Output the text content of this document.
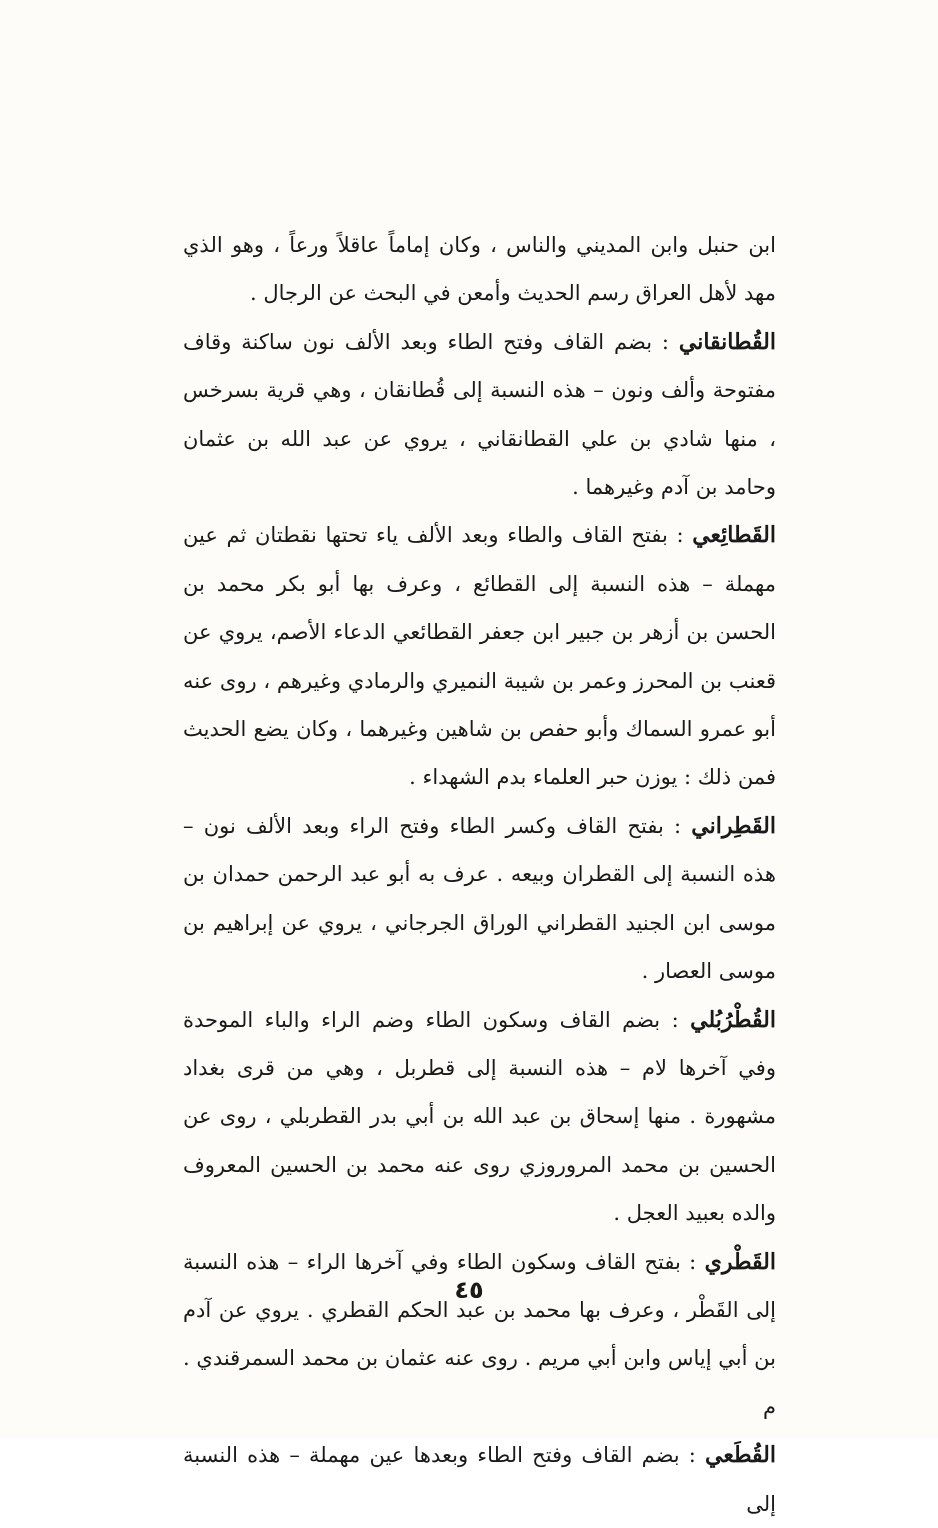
ابن حنبل وابن المديني والناس ، وكان إماماً عاقلاً ورعاً ، وهو الذي مهد لأهل العراق رسم الحديث وأمعن في البحث عن الرجال .

القُطانقاني : بضم القاف وفتح الطاء وبعد الألف نون ساكنة وقاف مفتوحة وألف ونون – هذه النسبة إلى قُطانقان ، وهي قرية بسرخس ، منها شادي بن علي القطانقاني ، يروي عن عبد الله بن عثمان وحامد بن آدم وغيرهما .

القَطائِعي : بفتح القاف والطاء وبعد الألف ياء تحتها نقطتان ثم عين مهملة – هذه النسبة إلى القطائع ، وعرف بها أبو بكر محمد بن الحسن بن أزهر بن جبير ابن جعفر القطائعي الدعاء الأصم، يروي عن قعنب بن المحرز وعمر بن شيبة النميري والرمادي وغيرهم ، روى عنه أبو عمرو السماك وأبو حفص بن شاهين وغيرهما ، وكان يضع الحديث فمن ذلك : يوزن حبر العلماء بدم الشهداء .

القَطِراني : بفتح القاف وكسر الطاء وفتح الراء وبعد الألف نون – هذه النسبة إلى القطران وبيعه . عرف به أبو عبد الرحمن حمدان بن موسى ابن الجنيد القطراني الوراق الجرجاني ، يروي عن إبراهيم بن موسى العصار .

القُطْرُبُلي : بضم القاف وسكون الطاء وضم الراء والباء الموحدة وفي آخرها لام – هذه النسبة إلى قطربل ، وهي من قرى بغداد مشهورة . منها إسحاق بن عبد الله بن أبي بدر القطربلي ، روى عن الحسين بن محمد المروروزي روى عنه محمد بن الحسين المعروف والده بعبيد العجل .

القَطْري : بفتح القاف وسكون الطاء وفي آخرها الراء – هذه النسبة إلى القَطْر ، وعرف بها محمد بن عبد الحكم القطري . يروي عن آدم بن أبي إياس وابن أبي مريم . روى عنه عثمان بن محمد السمرقندي . م

القُطَعي : بضم القاف وفتح الطاء وبعدها عين مهملة – هذه النسبة إلى

٤٥
